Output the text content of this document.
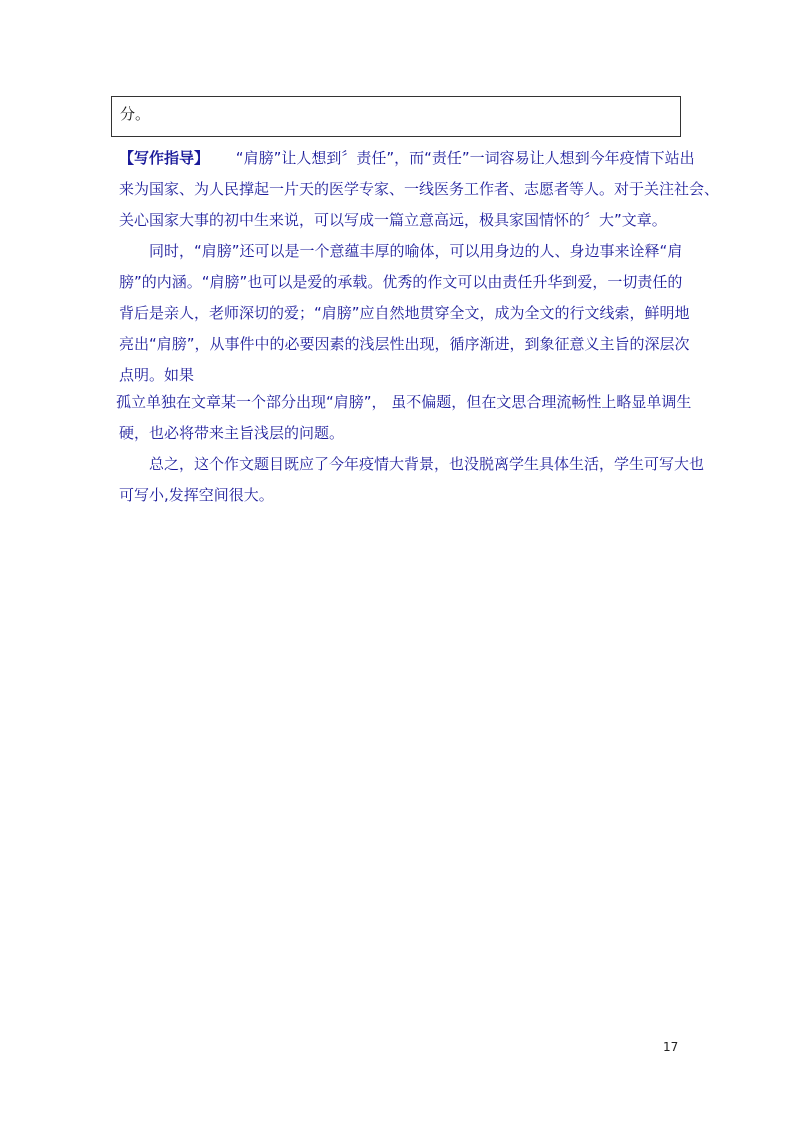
分。
【写作指导】 “肩膀”让人想到〞责任”，而“责任”一词容易让人想到今年疫情下站出
来为国家、为人民撑起一片天的医学专家、一线医务工作者、志愿者等人。对于关注社会、
关心国家大事的初中生来说，可以写成一篇立意高远，极具家国情怀的〞大”文章。
同时，“肩膀”还可以是一个意蕴丰厚的喻体，可以用身边的人、身边事来诠释“肩
膀”的内涵。“肩膀”也可以是爱的承载。优秀的作文可以由责任升华到爱，一切责任的
背后是亲人，老师深切的爱；“肩膀”应自然地贯穿全文，成为全文的行文线索，鲜明地
亮出“肩膀”，从事件中的必要因素的浅层性出现，循序渐进，到象征意义主旨的深层次
点明。如果
孤立单独在文章某一个部分出现“肩膀”， 虽不偏题，但在文思合理流畅性上略显单调生
硬，也必将带来主旨浅层的问题。
总之，这个作文题目既应了今年疫情大背景，也没脱离学生具体生活，学生可写大也
可写小,发挥空间很大。
17
